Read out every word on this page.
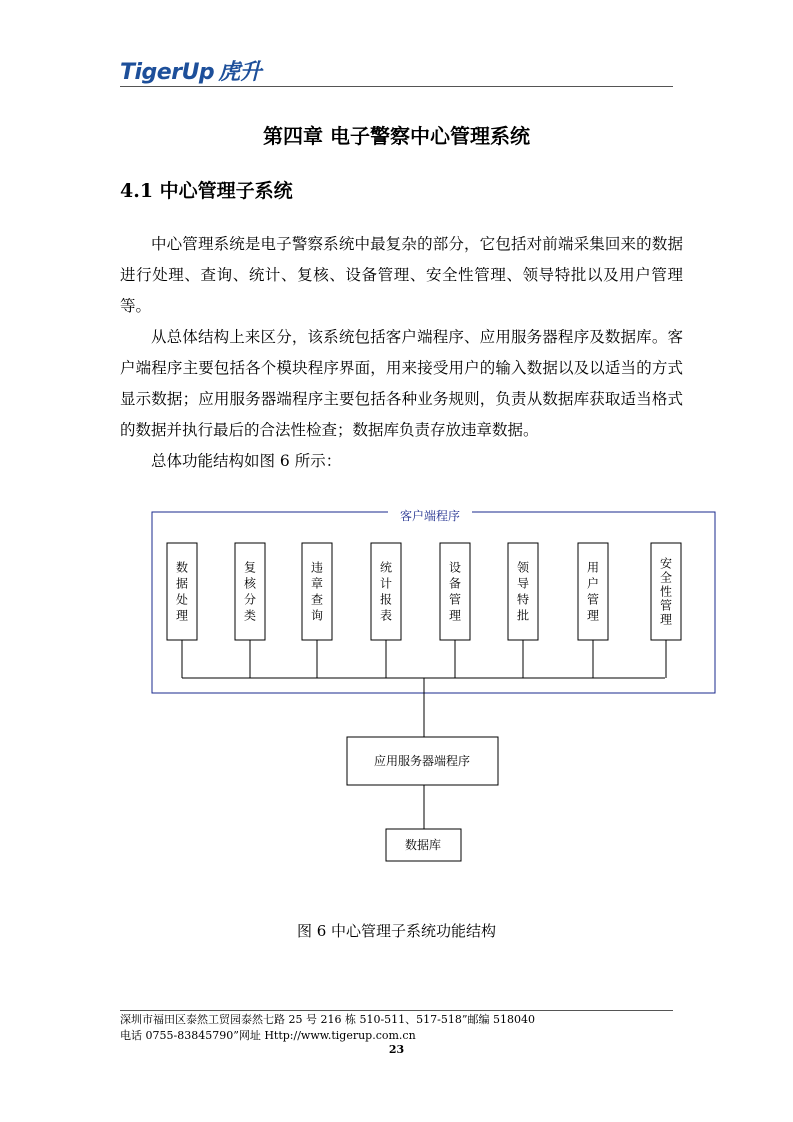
TigerUp 虎升
第四章 电子警察中心管理系统
4.1 中心管理子系统

中心管理系统是电子警察系统中最复杂的部分，它包括对前端采集回来的数据进行处理、查询、统计、复核、设备管理、安全性管理、领导特批以及用户管理等。

从总体结构上来区分，该系统包括客户端程序、应用服务器程序及数据库。客户端程序主要包括各个模块程序界面，用来接受用户的输入数据以及以适当的方式显示数据；应用服务器端程序主要包括各种业务规则，负责从数据库获取适当格式的数据并执行最后的合法性检查；数据库负责存放违章数据。

总体功能结构如图 6 所示：

客户端程序
数
据
处
理
复
核
分
类
违
章
查
询
统
计
报
表
设
备
管
理
领
导
特
批
用
户
管
理
安
全
性
管
理
应用服务器端程序
数据库
图 6 中心管理子系统功能结构
深圳市福田区泰然工贸园泰然七路 25 号 216 栋 510-511、517-518”邮编 518040
电话 0755-83845790”网址 Http://www.tigerup.com.cn
23
